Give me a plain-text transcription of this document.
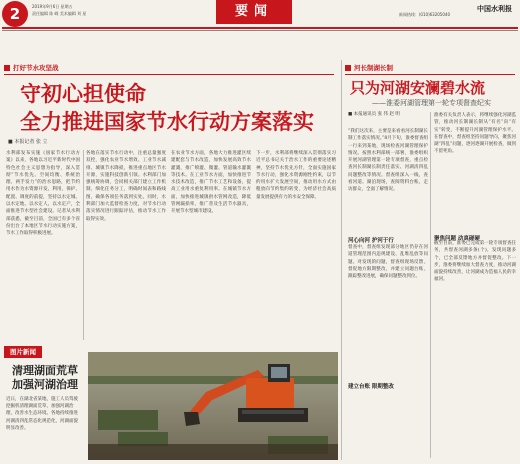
2	2019年9月6日 星期五
责任编辑 陈 嵘 美术编辑 刘 星	要闻	新闻热线：(010)63205040
中国水利报
打好节水攻坚战
守初心担使命
全力推进国家节水行动方案落实
■ 本报记者 张 立
水利部发布实施《国家节水行动方案》以来，各地以习近平新时代中国特色社会主义思想为指导，深入贯彻“节水优先、空间均衡、系统治理、两手发力”的治水思路，把节约用水作为水资源开发、利用、保护、配置、调度的前提，坚持以水定城、以水定地、以水定人、以水定产，全面推进节水型社会建设。记者从水利部获悉，截至目前，全国已有多个省份出台了本地区节水行动实施方案，节水工作取得积极进展。
各地在落实节水行动中，注重总量强度双控，强化农业节水增效、工业节水减排、城镇节水降损，推进重点地区节水开源，实施科技创新引领。水利部门加强统筹协调，会同相关部门建立工作机制，细化任务分工，明确时间表和路线图，确保各项任务落到实处。同时，水利部门加大监督检查力度，对节水行动落实情况进行跟踪评估，推动节水工作取得实效。
在农业节水方面，各地大力推进灌区续建配套与节水改造，加快发展高效节水灌溉，推广喷灌、微灌、管道输水灌溉等技术。在工业节水方面，加快推进节水技术改造，推广节水工艺和设备，提高工业用水重复利用率。在城镇节水方面，加快推进城镇供水管网改造，降低管网漏损率，推广普及生活节水器具，开展节水型城市建设。
下一步，水利部将继续深入贯彻落实习近平总书记关于治水工作的重要论述精神，坚持节水优先方针，全面实施国家节水行动，强化水资源刚性约束，以节约用水扩大发展空间，推动用水方式由粗放向节约集约转变，为经济社会高质量发展提供有力的水安全保障。
图片新闻
清理湖面荒草
加强河湖治理
近日，在湖北省某地，施工人员驾驶挖掘机清理湖面荒草，加强河湖治理，改善水生态环境。各地持续推进河湖清四乱常态化规范化，河湖面貌明显改善。
河长制湖长制
只为河湖安澜碧水流
——淮委河湖管理第一轮专项督查纪实
■ 本报通讯员 张 伟 赵 明
“我们这次来，主要是来看看河长制湖长制工作落实情况。”8月下旬，淮委督查组一行来到某地，现场检查河湖管理保护情况。按照水利部统一部署，淮委组织开展河湖管理第一轮专项督查，重点检查河长制湖长制责任落实、河湖清四乱问题整改等情况。督查组深入一线，查看河道、湖泊现场，查阅资料台账，走访群众，全面了解情况。
督查中，督查组发现部分地区仍存在河道管理范围内违规建设、乱堆乱放等问题。对发现的问题，督查组现场反馈，督促地方限期整改，并建立问题台账，跟踪整改进展，确保问题整改到位。
河心向河 护河于行
建立台账 限期整改
淮委有关负责人表示，将继续强化河湖监管，推动河长制湖长制从“有名”向“有实”转变，不断提升河湖管理保护水平。在督查中，督查组坚持问题导向，聚焦河湖“四乱”问题，逐河逐湖开展检查，做到不留死角。
截至目前，淮委已完成第一轮专项督查任务，共督查河湖多条(个)，发现问题多个，已全部反馈地方并督促整改。下一步，淮委将继续加大督查力度，推动河湖面貌持续改善，让河湖成为造福人民的幸福河。
聚焦问题 动真碰硬
